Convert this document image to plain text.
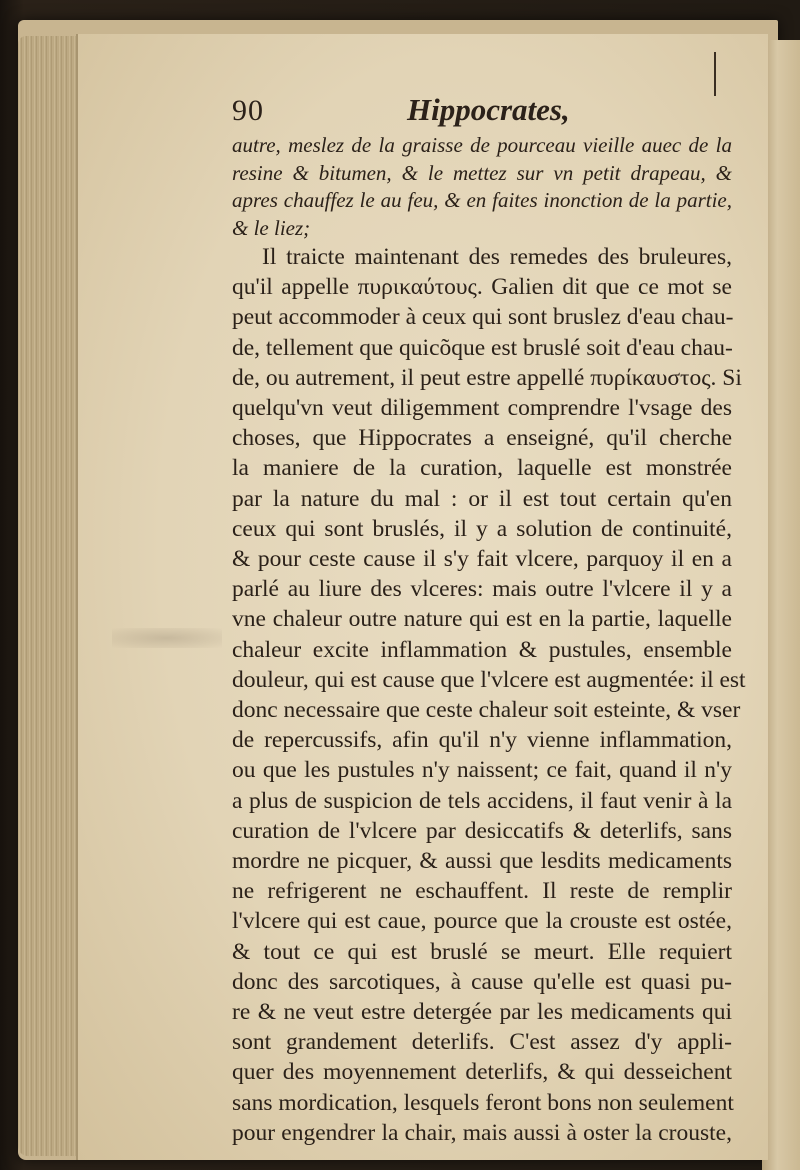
90	Hippocrates,

autre, meslez de la graisse de pourceau vieille auec de la resine & bitumen, & le mettez sur vn petit drapeau, & apres chauffez le au feu, & en faites inonction de la partie, & le liez;

Il traicte maintenant des remedes des bruleures,
qu'il appelle πυρικαύτους. Galien dit que ce mot se
peut accommoder à ceux qui sont bruslez d'eau chau-
de, tellement que quicõque est bruslé soit d'eau chau-
de, ou autrement, il peut estre appellé πυρίκαυστος. Si
quelqu'vn veut diligemment comprendre l'vsage des
choses, que Hippocrates a enseigné, qu'il cherche
la maniere de la curation, laquelle est monstrée
par la nature du mal : or il est tout certain qu'en
ceux qui sont bruslés, il y a solution de continuité,
& pour ceste cause il s'y fait vlcere, parquoy il en a
parlé au liure des vlceres: mais outre l'vlcere il y a
vne chaleur outre nature qui est en la partie, laquelle
chaleur excite inflammation & pustules, ensemble
douleur, qui est cause que l'vlcere est augmentée: il est
donc necessaire que ceste chaleur soit esteinte, & vser
de repercussifs, afin qu'il n'y vienne inflammation,
ou que les pustules n'y naissent; ce fait, quand il n'y
a plus de suspicion de tels accidens, il faut venir à la
curation de l'vlcere par desiccatifs & deterlifs, sans
mordre ne picquer, & aussi que lesdits medicaments
ne refrigerent ne eschauffent. Il reste de remplir
l'vlcere qui est caue, pource que la crouste est ostée,
& tout ce qui est bruslé se meurt. Elle requiert
donc des sarcotiques, à cause qu'elle est quasi pu-
re & ne veut estre detergée par les medicaments qui
sont grandement deterlifs. C'est assez d'y appli-
quer des moyennement deterlifs, & qui desseichent
sans mordication, lesquels feront bons non seulement
pour engendrer la chair, mais aussi à oster la crouste,
